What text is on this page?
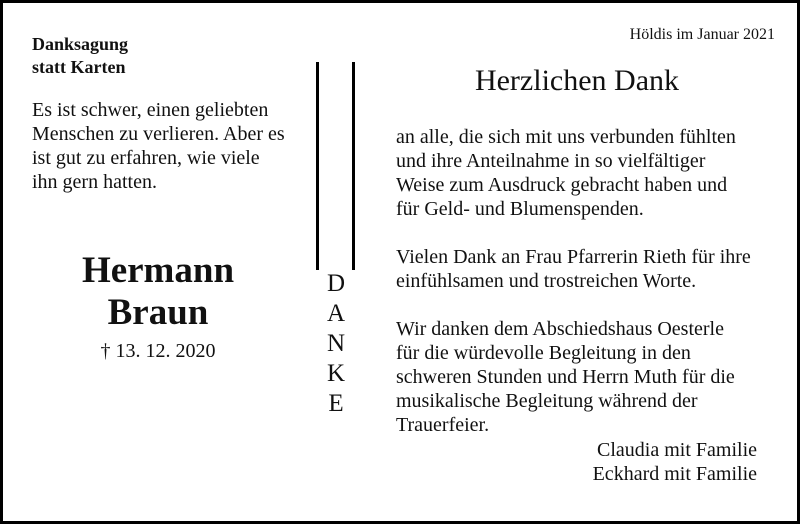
Danksagung
statt Karten
Es ist schwer, einen geliebten
Menschen zu verlieren. Aber es
ist gut zu erfahren, wie viele
ihn gern hatten.
Hermann
Braun
† 13. 12. 2020
D
A
N
K
E
Höldis im Januar 2021
Herzlichen Dank
an alle, die sich mit uns verbunden fühlten
und ihre Anteilnahme in so vielfältiger
Weise zum Ausdruck gebracht haben und
für Geld- und Blumenspenden.
Vielen Dank an Frau Pfarrerin Rieth für ihre
einfühlsamen und trostreichen Worte.
Wir danken dem Abschiedshaus Oesterle
für die würdevolle Begleitung in den
schweren Stunden und Herrn Muth für die
musikalische Begleitung während der
Trauerfeier.
Claudia mit Familie
Eckhard mit Familie
